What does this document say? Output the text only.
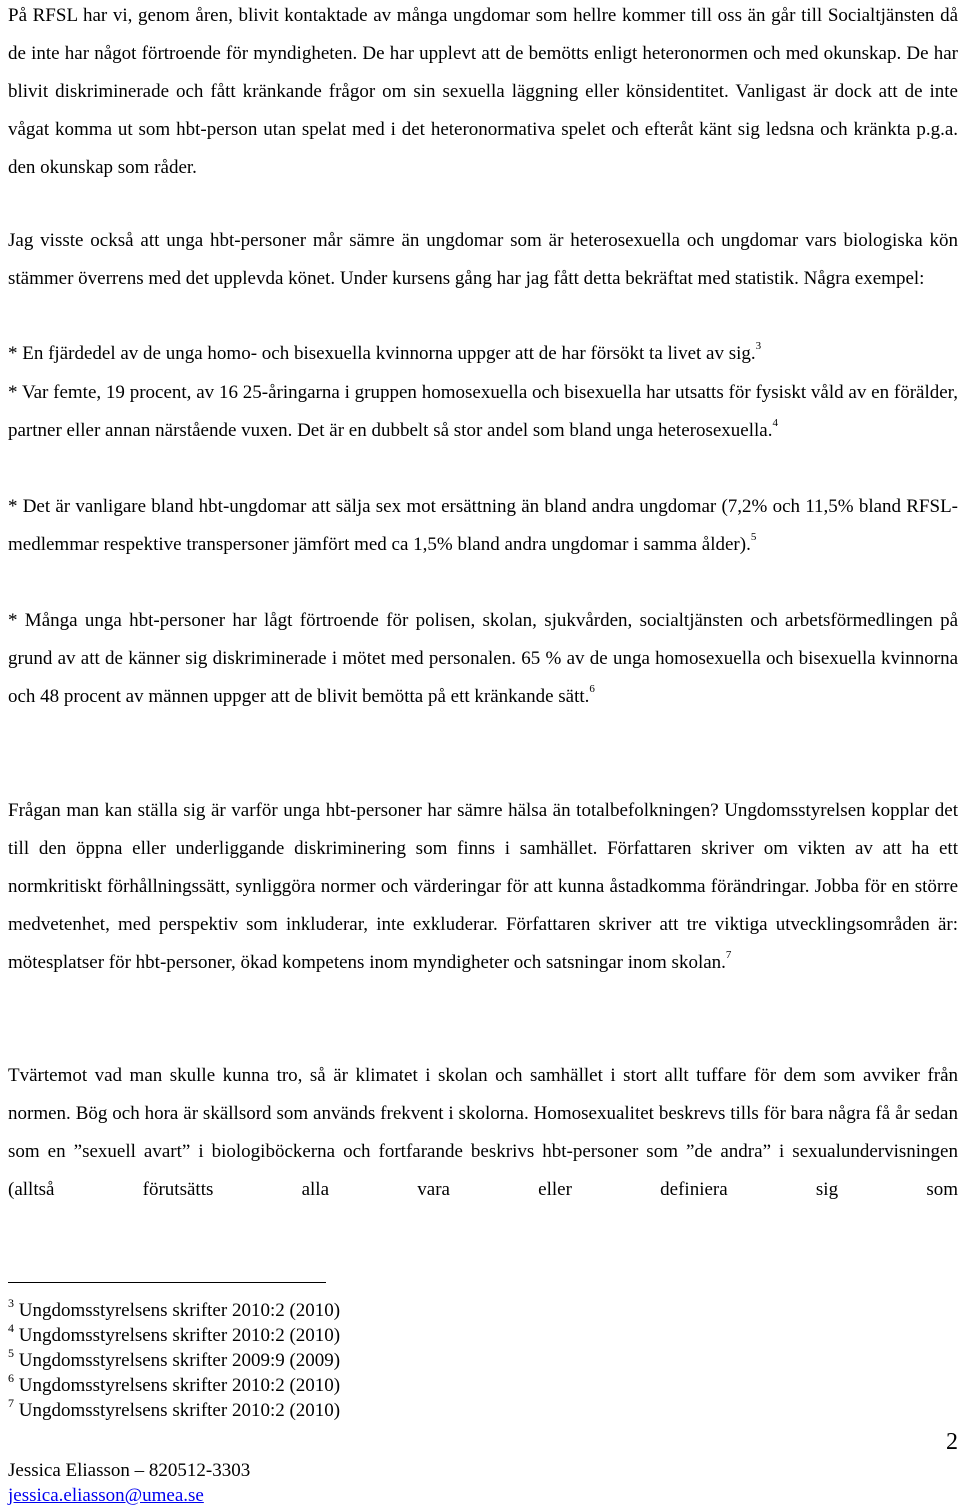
På RFSL har vi, genom åren, blivit kontaktade av många ungdomar som hellre kommer till oss än går till Socialtjänsten då de inte har något förtroende för myndigheten. De har upplevt att de bemötts enligt heteronormen och med okunskap. De har blivit diskriminerade och fått kränkande frågor om sin sexuella läggning eller könsidentitet. Vanligast är dock att de inte vågat komma ut som hbt-person utan spelat med i det heteronormativa spelet och efteråt känt sig ledsna och kränkta p.g.a. den okunskap som råder.

Jag visste också att unga hbt-personer mår sämre än ungdomar som är heterosexuella och ungdomar vars biologiska kön stämmer överrens med det upplevda könet. Under kursens gång har jag fått detta bekräftat med statistik. Några exempel:

* En fjärdedel av de unga homo- och bisexuella kvinnorna uppger att de har försökt ta livet av sig.$^3$

* Var femte, 19 procent, av 16 25-åringarna i gruppen homosexuella och bisexuella har utsatts för fysiskt våld av en förälder, partner eller annan närstående vuxen. Det är en dubbelt så stor andel som bland unga heterosexuella.$^4$

* Det är vanligare bland hbt-ungdomar att sälja sex mot ersättning än bland andra ungdomar (7,2% och 11,5% bland RFSL-medlemmar respektive transpersoner jämfört med ca 1,5% bland andra ungdomar i samma ålder).$^5$

* Många unga hbt-personer har lågt förtroende för polisen, skolan, sjukvården, socialtjänsten och arbetsförmedlingen på grund av att de känner sig diskriminerade i mötet med personalen. 65 % av de unga homosexuella och bisexuella kvinnorna och 48 procent av männen uppger att de blivit bemötta på ett kränkande sätt.$^6$

Frågan man kan ställa sig är varför unga hbt-personer har sämre hälsa än totalbefolkningen? Ungdomsstyrelsen kopplar det till den öppna eller underliggande diskriminering som finns i samhället. Författaren skriver om vikten av att ha ett normkritiskt förhållningssätt, synliggöra normer och värderingar för att kunna åstadkomma förändringar. Jobba för en större medvetenhet, med perspektiv som inkluderar, inte exkluderar. Författaren skriver att tre viktiga utvecklingsområden är: mötesplatser för hbt-personer, ökad kompetens inom myndigheter och satsningar inom skolan.$^7$

Tvärtemot vad man skulle kunna tro, så är klimatet i skolan och samhället i stort allt tuffare för dem som avviker från normen. Bög och hora är skällsord som används frekvent i skolorna. Homosexualitet beskrevs tills för bara några få år sedan som en ”sexuell avart” i biologiböckerna och fortfarande beskrivs hbt-personer som ”de andra” i sexualundervisningen (alltså förutsätts alla vara eller definiera sig som

$^3$ Ungdomsstyrelsens skrifter 2010:2 (2010)
$^4$ Ungdomsstyrelsens skrifter 2010:2 (2010)
$^5$ Ungdomsstyrelsens skrifter 2009:9 (2009)
$^6$ Ungdomsstyrelsens skrifter 2010:2 (2010)
$^7$ Ungdomsstyrelsens skrifter 2010:2 (2010)
2
Jessica Eliasson – 820512-3303
jessica.eliasson@umea.se
